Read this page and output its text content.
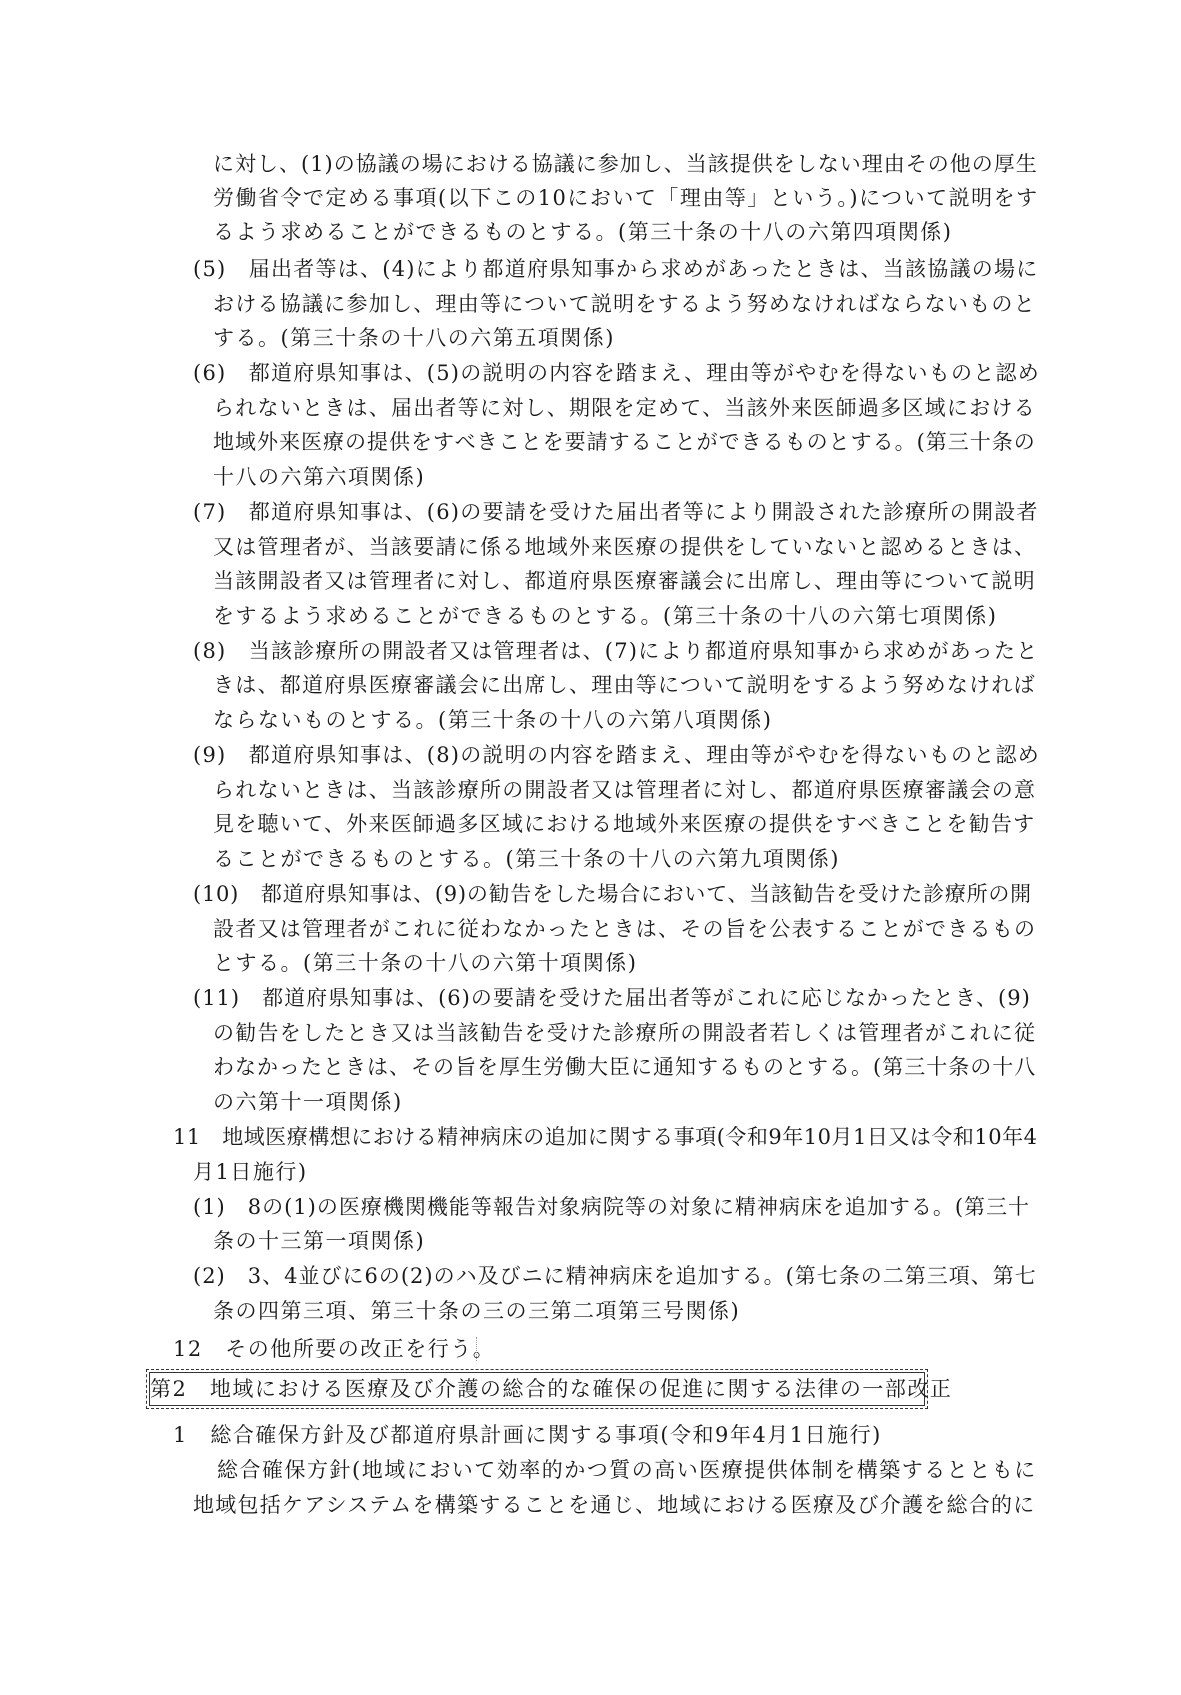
に対し、(1)の協議の場における協議に参加し、当該提供をしない理由その他の厚生
労働省令で定める事項(以下この10において「理由等」という。)について説明をす
るよう求めることができるものとする。(第三十条の十八の六第四項関係)
(5)　届出者等は、(4)により都道府県知事から求めがあったときは、当該協議の場に
おける協議に参加し、理由等について説明をするよう努めなければならないものと
する。(第三十条の十八の六第五項関係)
(6)　都道府県知事は、(5)の説明の内容を踏まえ、理由等がやむを得ないものと認め
られないときは、届出者等に対し、期限を定めて、当該外来医師過多区域における
地域外来医療の提供をすべきことを要請することができるものとする。(第三十条の
十八の六第六項関係)
(7)　都道府県知事は、(6)の要請を受けた届出者等により開設された診療所の開設者
又は管理者が、当該要請に係る地域外来医療の提供をしていないと認めるときは、
当該開設者又は管理者に対し、都道府県医療審議会に出席し、理由等について説明
をするよう求めることができるものとする。(第三十条の十八の六第七項関係)
(8)　当該診療所の開設者又は管理者は、(7)により都道府県知事から求めがあったと
きは、都道府県医療審議会に出席し、理由等について説明をするよう努めなければ
ならないものとする。(第三十条の十八の六第八項関係)
(9)　都道府県知事は、(8)の説明の内容を踏まえ、理由等がやむを得ないものと認め
られないときは、当該診療所の開設者又は管理者に対し、都道府県医療審議会の意
見を聴いて、外来医師過多区域における地域外来医療の提供をすべきことを勧告す
ることができるものとする。(第三十条の十八の六第九項関係)
(10)　都道府県知事は、(9)の勧告をした場合において、当該勧告を受けた診療所の開
設者又は管理者がこれに従わなかったときは、その旨を公表することができるもの
とする。(第三十条の十八の六第十項関係)
(11)　都道府県知事は、(6)の要請を受けた届出者等がこれに応じなかったとき、(9)
の勧告をしたとき又は当該勧告を受けた診療所の開設者若しくは管理者がこれに従
わなかったときは、その旨を厚生労働大臣に通知するものとする。(第三十条の十八
の六第十一項関係)
11　地域医療構想における精神病床の追加に関する事項(令和9年10月1日又は令和10年4
月1日施行)
(1)　8の(1)の医療機関機能等報告対象病院等の対象に精神病床を追加する。(第三十
条の十三第一項関係)
(2)　3、4並びに6の(2)のハ及びニに精神病床を追加する。(第七条の二第三項、第七
条の四第三項、第三十条の三の三第二項第三号関係)
12　その他所要の改正を行う。
第2　地域における医療及び介護の総合的な確保の促進に関する法律の一部改正
1　総合確保方針及び都道府県計画に関する事項(令和9年4月1日施行)
総合確保方針(地域において効率的かつ質の高い医療提供体制を構築するとともに
地域包括ケアシステムを構築することを通じ、地域における医療及び介護を総合的に
